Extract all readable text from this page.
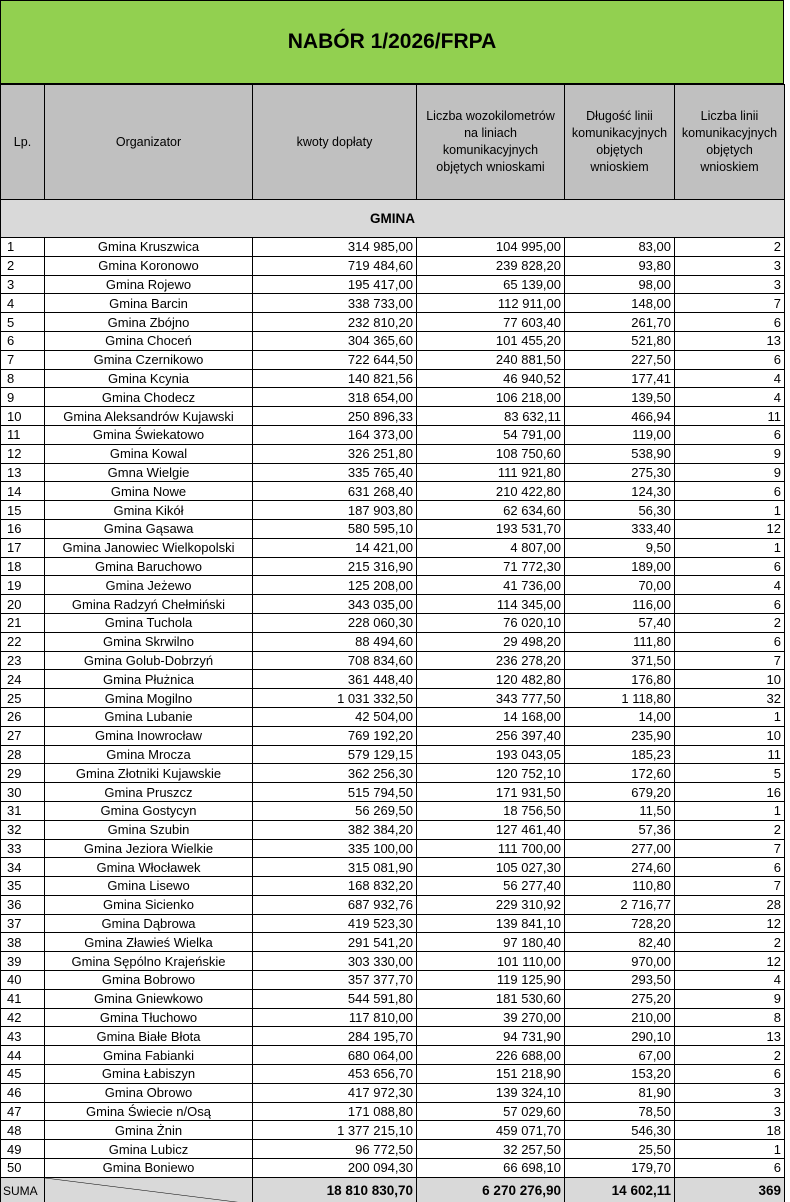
NABÓR 1/2026/FRPA
Lp.	Organizator	kwoty dopłaty	Liczba wozokilometrów na liniach komunikacyjnych objętych wnioskami	Długość linii komunikacyjnych objętych wnioskiem	Liczba linii komunikacyjnych objętych wnioskiem
GMINA					
1	Gmina Kruszwica	314 985,00	104 995,00	83,00	2
2	Gmina Koronowo	719 484,60	239 828,20	93,80	3
3	Gmina Rojewo	195 417,00	65 139,00	98,00	3
4	Gmina Barcin	338 733,00	112 911,00	148,00	7
5	Gmina Zbójno	232 810,20	77 603,40	261,70	6
6	Gmina Choceń	304 365,60	101 455,20	521,80	13
7	Gmina Czernikowo	722 644,50	240 881,50	227,50	6
8	Gmina Kcynia	140 821,56	46 940,52	177,41	4
9	Gmina Chodecz	318 654,00	106 218,00	139,50	4
10	Gmina Aleksandrów Kujawski	250 896,33	83 632,11	466,94	11
11	Gmina Świekatowo	164 373,00	54 791,00	119,00	6
12	Gmina Kowal	326 251,80	108 750,60	538,90	9
13	Gmna Wielgie	335 765,40	111 921,80	275,30	9
14	Gmina Nowe	631 268,40	210 422,80	124,30	6
15	Gmina Kikół	187 903,80	62 634,60	56,30	1
16	Gmina Gąsawa	580 595,10	193 531,70	333,40	12
17	Gmina Janowiec Wielkopolski	14 421,00	4 807,00	9,50	1
18	Gmina Baruchowo	215 316,90	71 772,30	189,00	6
19	Gmina Jeżewo	125 208,00	41 736,00	70,00	4
20	Gmina Radzyń Chełmiński	343 035,00	114 345,00	116,00	6
21	Gmina Tuchola	228 060,30	76 020,10	57,40	2
22	Gmina Skrwilno	88 494,60	29 498,20	111,80	6
23	Gmina Golub-Dobrzyń	708 834,60	236 278,20	371,50	7
24	Gmina Płużnica	361 448,40	120 482,80	176,80	10
25	Gmina Mogilno	1 031 332,50	343 777,50	1 118,80	32
26	Gmina Lubanie	42 504,00	14 168,00	14,00	1
27	Gmina Inowrocław	769 192,20	256 397,40	235,90	10
28	Gmina Mrocza	579 129,15	193 043,05	185,23	11
29	Gmina Złotniki Kujawskie	362 256,30	120 752,10	172,60	5
30	Gmina Pruszcz	515 794,50	171 931,50	679,20	16
31	Gmina Gostycyn	56 269,50	18 756,50	11,50	1
32	Gmina Szubin	382 384,20	127 461,40	57,36	2
33	Gmina Jeziora Wielkie	335 100,00	111 700,00	277,00	7
34	Gmina Włocławek	315 081,90	105 027,30	274,60	6
35	Gmina Lisewo	168 832,20	56 277,40	110,80	7
36	Gmina Sicienko	687 932,76	229 310,92	2 716,77	28
37	Gmina Dąbrowa	419 523,30	139 841,10	728,20	12
38	Gmina Zławieś Wielka	291 541,20	97 180,40	82,40	2
39	Gmina Sępólno Krajeńskie	303 330,00	101 110,00	970,00	12
40	Gmina Bobrowo	357 377,70	119 125,90	293,50	4
41	Gmina Gniewkowo	544 591,80	181 530,60	275,20	9
42	Gmina Tłuchowo	117 810,00	39 270,00	210,00	8
43	Gmina Białe Błota	284 195,70	94 731,90	290,10	13
44	Gmina Fabianki	680 064,00	226 688,00	67,00	2
45	Gmina Łabiszyn	453 656,70	151 218,90	153,20	6
46	Gmina Obrowo	417 972,30	139 324,10	81,90	3
47	Gmina Świecie n/Osą	171 088,80	57 029,60	78,50	3
48	Gmina Żnin	1 377 215,10	459 071,70	546,30	18
49	Gmina Lubicz	96 772,50	32 257,50	25,50	1
50	Gmina Boniewo	200 094,30	66 698,10	179,70	6
SUMA		18 810 830,70	6 270 276,90	14 602,11	369
